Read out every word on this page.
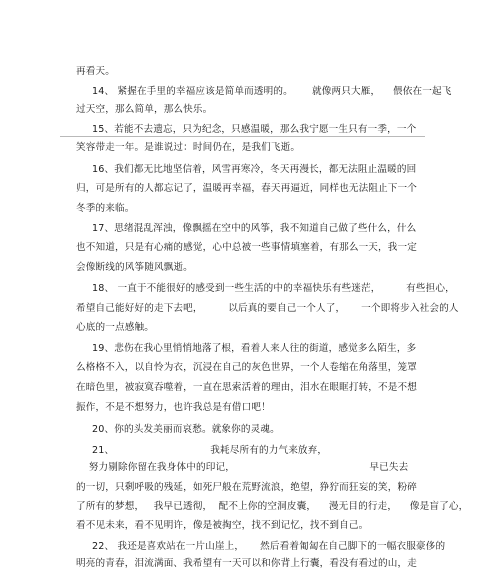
再看天。
14、 紧握在手里的幸福应该是简单而透明的。      就像两只大雁，    偎依在一起飞
过天空，那么简单，那么快乐。
15、若能不去遗忘，只为纪念，只感温暖，那么我宁愿一生只有一季，一个
笑容带走一年。是谁说过：时间仍在，是我们飞逝。
16、我们都无比地坚信着，风雪再寒冷，冬天再漫长，都无法阻止温暖的回
归，可是所有的人都忘记了，温暖再幸福，春天再逼近，同样也无法阻止下一个
冬季的来临。
17、思绪混乱浑浊，像飘摇在空中的风筝，我不知道自己做了些什么，什么
也不知道，只是有心痛的感觉，心中总被一些事情填塞着，有那么一天，我一定
会像断线的风筝随风飘逝。
18、 一直于不能很好的感受到一些生活的中的幸福快乐有些迷茫，        有些担心，
希望自己能好好的走下去吧，        以后真的要自己一个人了，     一个即将步入社会的人
心底的一点感触。
19、悲伤在我心里悄悄地落了根，看着人来人往的街道，感觉多么陌生，多
么格格不入，以自怜为衣，沉浸在自己的灰色世界，一个人卷缩在角落里，笼罩
在暗色里，被寂寞吞噬着，一直在思索活着的理由，泪水在眼眶打转，不是不想
振作，不是不想努力，也许我总是有借口吧！
20、你的头发美丽而哀愁。就象你的灵魂。
21、                              我耗尽所有的力气来放弃，
努力剔除你留在我身体中的印记，                                          早已失去
的一切，只剩呼吸的残延，如死尸般在荒野流浪，绝望，狰狞而狂妄的笑，粉碎
了所有的梦想，   我早已透彻，  配不上你的空洞皮囊，    漫无目的行走，    像是盲了心，
看不见未来，看不见明许，像是被掏空，找不到记忆，找不到自己。
22、 我还是喜欢站在一片山崖上，     然后看着匍匐在自己脚下的一幅衣服豪侈的
明亮的青春，泪流满面、我希望有一天可以和你背上行囊，看没有看过的山，走
